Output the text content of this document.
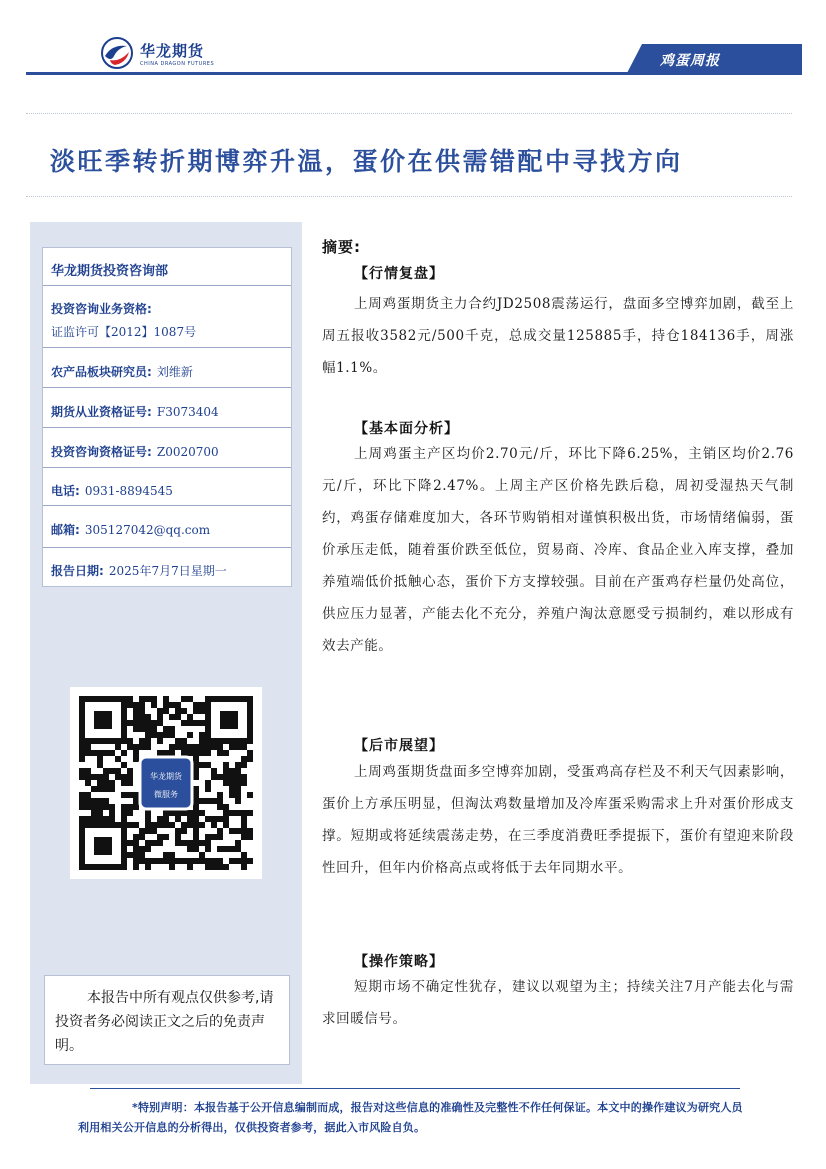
华龙期货
CHINA DRAGON FUTURES	鸡蛋周报
淡旺季转折期博弈升温，蛋价在供需错配中寻找方向
华龙期货投资咨询部
投资咨询业务资格:
证监许可【2012】1087号
农产品板块研究员: 刘维新
期货从业资格证号: F3073404
投资咨询资格证号: Z0020700
电话: 0931-8894545
邮箱: 305127042@qq.com
报告日期: 2025年7月7日星期一
华龙期货
微服务
本报告中所有观点仅供参考,请投资者务必阅读正文之后的免责声明。
摘要:
【行情复盘】

上周鸡蛋期货主力合约JD2508震荡运行，盘面多空博弈加剧，截至上周五报收3582元/500千克，总成交量125885手，持仓184136手，周涨幅1.1%。

【基本面分析】

上周鸡蛋主产区均价2.70元/斤，环比下降6.25%，主销区均价2.76元/斤，环比下降2.47%。上周主产区价格先跌后稳，周初受湿热天气制约，鸡蛋存储难度加大，各环节购销相对谨慎积极出货，市场情绪偏弱，蛋价承压走低，随着蛋价跌至低位，贸易商、冷库、食品企业入库支撑，叠加养殖端低价抵触心态，蛋价下方支撑较强。目前在产蛋鸡存栏量仍处高位，供应压力显著，产能去化不充分，养殖户淘汰意愿受亏损制约，难以形成有效去产能。

【后市展望】

上周鸡蛋期货盘面多空博弈加剧，受蛋鸡高存栏及不利天气因素影响，蛋价上方承压明显，但淘汰鸡数量增加及冷库蛋采购需求上升对蛋价形成支撑。短期或将延续震荡走势，在三季度消费旺季提振下，蛋价有望迎来阶段性回升，但年内价格高点或将低于去年同期水平。

【操作策略】

短期市场不确定性犹存，建议以观望为主；持续关注7月产能去化与需求回暖信号。

*特别声明：本报告基于公开信息编制而成，报告对这些信息的准确性及完整性不作任何保证。本文中的操作建议为研究人员利用相关公开信息的分析得出，仅供投资者参考，据此入市风险自负。
